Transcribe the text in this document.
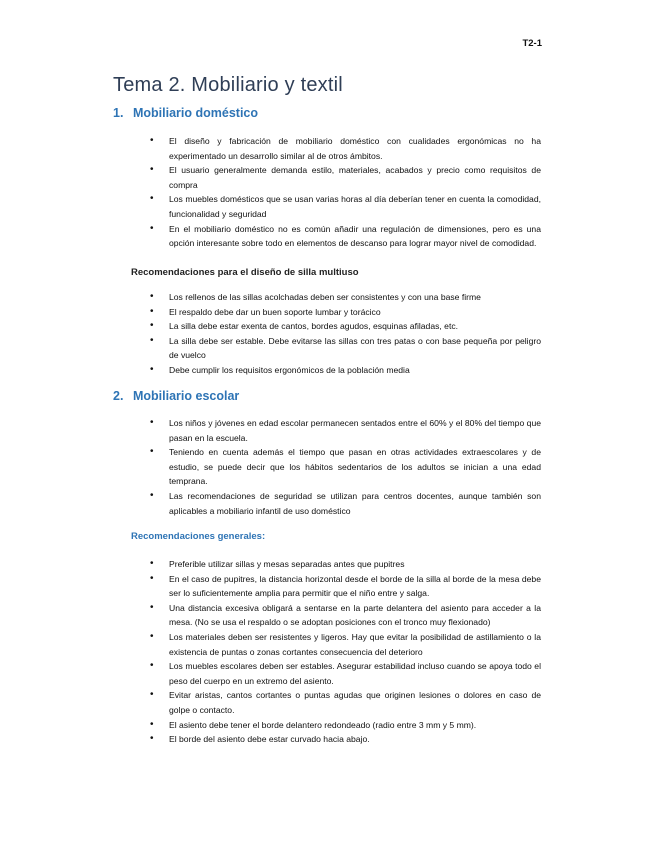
T2-1
Tema 2. Mobiliario y textil
1. Mobiliario doméstico
• El diseño y fabricación de mobiliario doméstico con cualidades ergonómicas no ha experimentado un desarrollo similar al de otros ámbitos.
• El usuario generalmente demanda estilo, materiales, acabados y precio como requisitos de compra
• Los muebles domésticos que se usan varias horas al día deberían tener en cuenta la comodidad, funcionalidad y seguridad
• En el mobiliario doméstico no es común añadir una regulación de dimensiones, pero es una opción interesante sobre todo en elementos de descanso para lograr mayor nivel de comodidad.
Recomendaciones para el diseño de silla multiuso
• Los rellenos de las sillas acolchadas deben ser consistentes y con una base firme
• El respaldo debe dar un buen soporte lumbar y torácico
• La silla debe estar exenta de cantos, bordes agudos, esquinas afiladas, etc.
• La silla debe ser estable. Debe evitarse las sillas con tres patas o con base pequeña por peligro de vuelco
• Debe cumplir los requisitos ergonómicos de la población media
2. Mobiliario escolar
• Los niños y jóvenes en edad escolar permanecen sentados entre el 60% y el 80% del tiempo que pasan en la escuela.
• Teniendo en cuenta además el tiempo que pasan en otras actividades extraescolares y de estudio, se puede decir que los hábitos sedentarios de los adultos se inician a una edad temprana.
• Las recomendaciones de seguridad se utilizan para centros docentes, aunque también son aplicables a mobiliario infantil de uso doméstico
Recomendaciones generales:
• Preferible utilizar sillas y mesas separadas antes que pupitres
• En el caso de pupitres, la distancia horizontal desde el borde de la silla al borde de la mesa debe ser lo suficientemente amplia para permitir que el niño entre y salga.
• Una distancia excesiva obligará a sentarse en la parte delantera del asiento para acceder a la mesa. (No se usa el respaldo o se adoptan posiciones con el tronco muy flexionado)
• Los materiales deben ser resistentes y ligeros. Hay que evitar la posibilidad de astillamiento o la existencia de puntas o zonas cortantes consecuencia del deterioro
• Los muebles escolares deben ser estables. Asegurar estabilidad incluso cuando se apoya todo el peso del cuerpo en un extremo del asiento.
• Evitar aristas, cantos cortantes o puntas agudas que originen lesiones o dolores en caso de golpe o contacto.
• El asiento debe tener el borde delantero redondeado (radio entre 3 mm y 5 mm).
• El borde del asiento debe estar curvado hacia abajo.
